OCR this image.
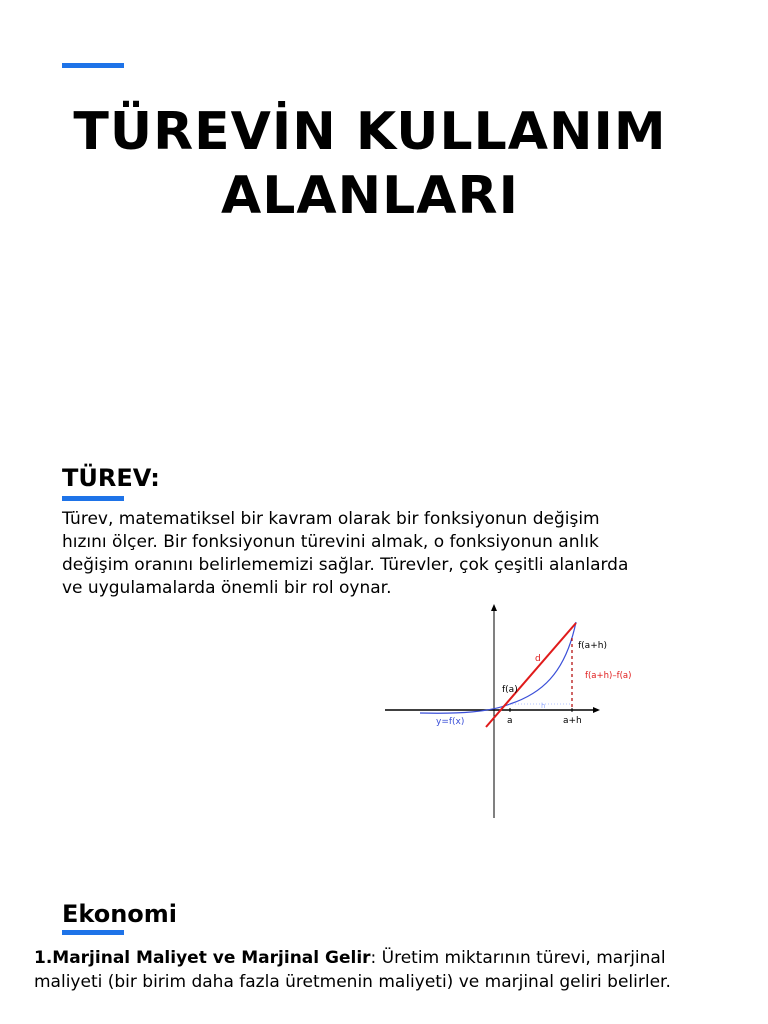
TÜREVİN KULLANIM ALANLARI
TÜREV:

Türev, matematiksel bir kavram olarak bir fonksiyonun değişim hızını ölçer. Bir fonksiyonun türevini almak, o fonksiyonun anlık değişim oranını belirlememizi sağlar. Türevler, çok çeşitli alanlarda ve uygulamalarda önemli bir rol oynar.

f(a+h)
d
f(a+h)–f(a)
f(a)
y=f(x)	a	a+h
h
Ekonomi

1.Marjinal Maliyet ve Marjinal Gelir: Üretim miktarının türevi, marjinal maliyeti (bir birim daha fazla üretmenin maliyeti) ve marjinal geliri belirler.
